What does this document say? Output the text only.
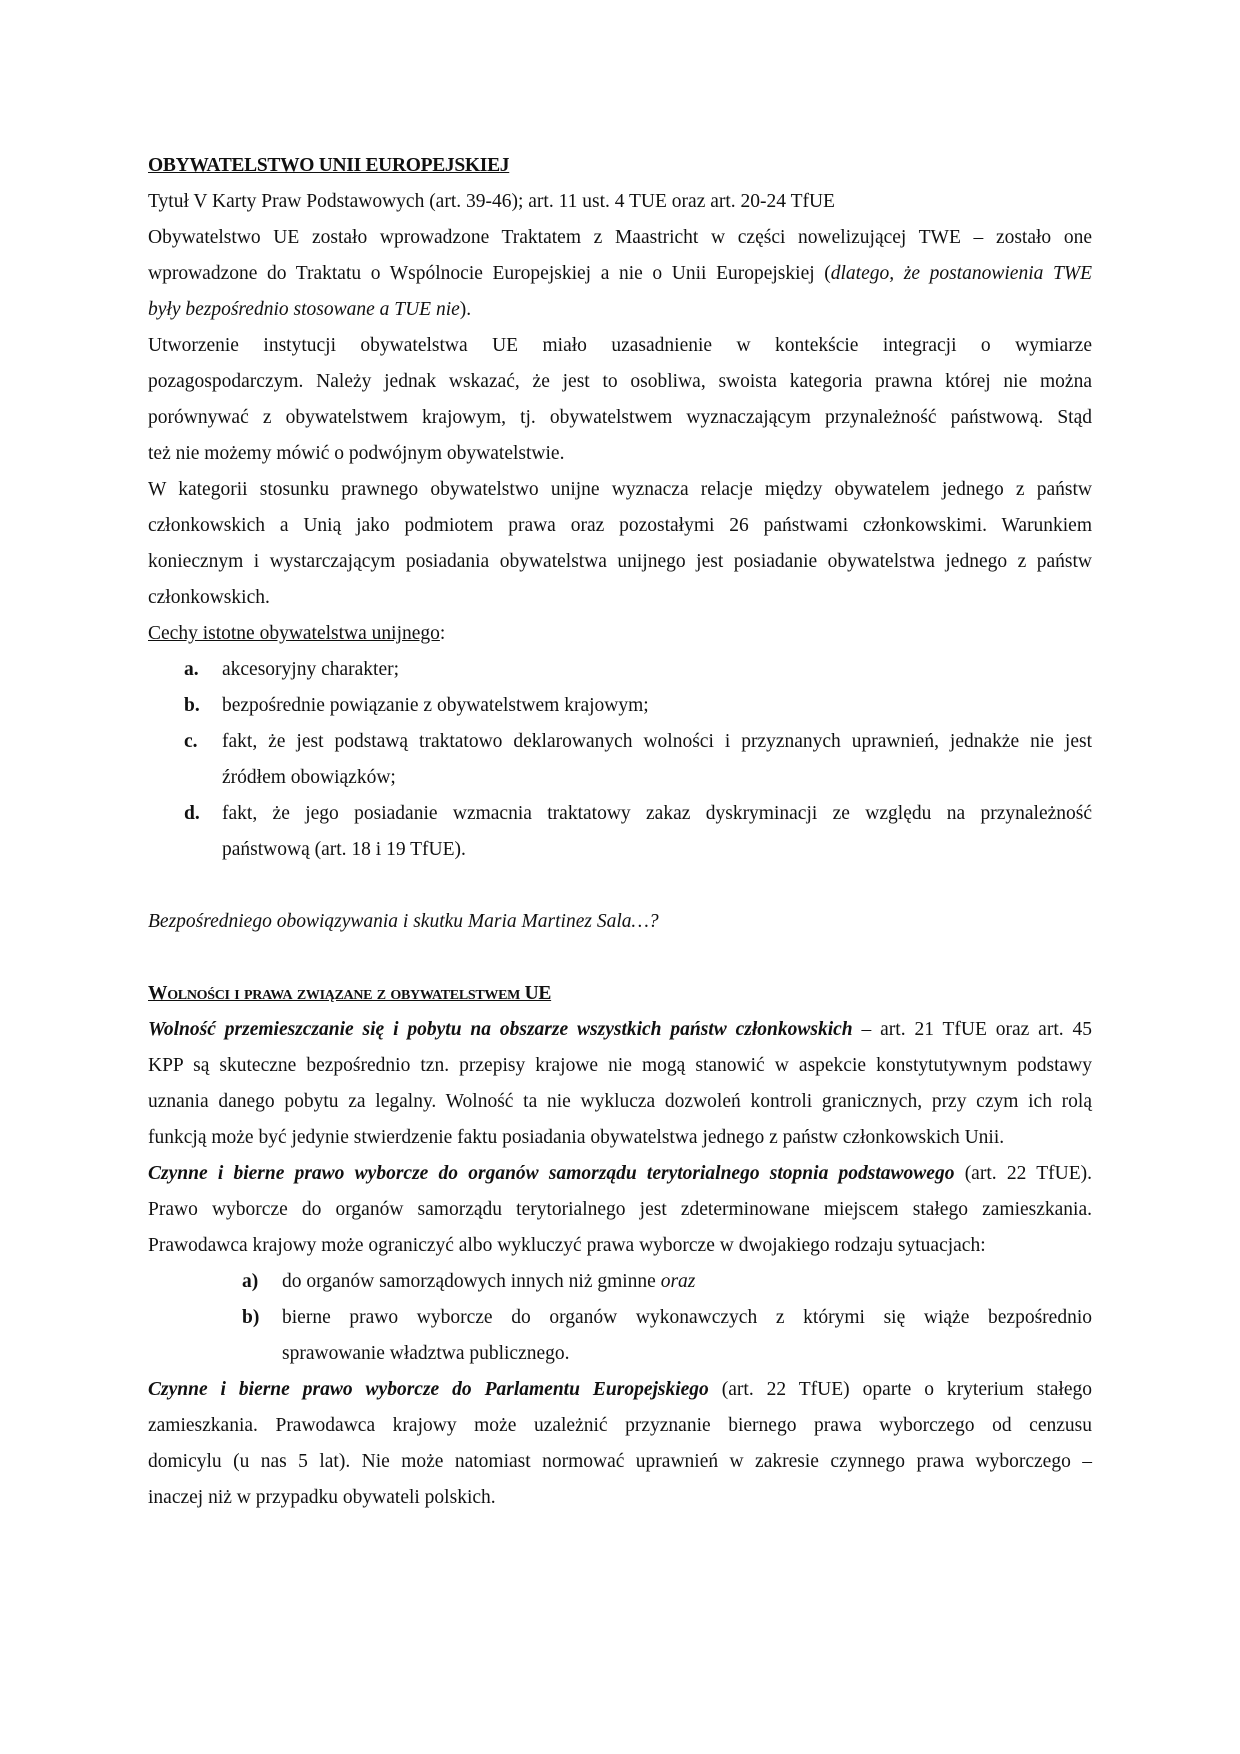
OBYWATELSTWO UNII EUROPEJSKIEJ
Tytuł V Karty Praw Podstawowych (art. 39-46); art. 11 ust. 4 TUE oraz art. 20-24 TfUE
Obywatelstwo UE zostało wprowadzone Traktatem z Maastricht w części nowelizującej TWE – zostało one
wprowadzone do Traktatu o Wspólnocie Europejskiej a nie o Unii Europejskiej (dlatego, że postanowienia TWE
były bezpośrednio stosowane a TUE nie).
Utworzenie instytucji obywatelstwa UE miało uzasadnienie w kontekście integracji o wymiarze
pozagospodarczym. Należy jednak wskazać, że jest to osobliwa, swoista kategoria prawna której nie można
porównywać z obywatelstwem krajowym, tj. obywatelstwem wyznaczającym przynależność państwową. Stąd
też nie możemy mówić o podwójnym obywatelstwie.
W kategorii stosunku prawnego obywatelstwo unijne wyznacza relacje między obywatelem jednego z państw
członkowskich a Unią jako podmiotem prawa oraz pozostałymi 26 państwami członkowskimi. Warunkiem
koniecznym i wystarczającym posiadania obywatelstwa unijnego jest posiadanie obywatelstwa jednego z państw
członkowskich.
Cechy istotne obywatelstwa unijnego:
a. akcesoryjny charakter;
b. bezpośrednie powiązanie z obywatelstwem krajowym;
c. fakt, że jest podstawą traktatowo deklarowanych wolności i przyznanych uprawnień, jednakże nie jest
źródłem obowiązków;
d. fakt, że jego posiadanie wzmacnia traktatowy zakaz dyskryminacji ze względu na przynależność
państwową (art. 18 i 19 TfUE).
Bezpośredniego obowiązywania i skutku Maria Martinez Sala…?
Wolności i prawa związane z obywatelstwem UE
Wolność przemieszczanie się i pobytu na obszarze wszystkich państw członkowskich – art. 21 TfUE oraz art. 45
KPP są skuteczne bezpośrednio tzn. przepisy krajowe nie mogą stanowić w aspekcie konstytutywnym podstawy
uznania danego pobytu za legalny. Wolność ta nie wyklucza dozwoleń kontroli granicznych, przy czym ich rolą
funkcją może być jedynie stwierdzenie faktu posiadania obywatelstwa jednego z państw członkowskich Unii.
Czynne i bierne prawo wyborcze do organów samorządu terytorialnego stopnia podstawowego (art. 22 TfUE).
Prawo wyborcze do organów samorządu terytorialnego jest zdeterminowane miejscem stałego zamieszkania.
Prawodawca krajowy może ograniczyć albo wykluczyć prawa wyborcze w dwojakiego rodzaju sytuacjach:
a) do organów samorządowych innych niż gminne oraz
b) bierne prawo wyborcze do organów wykonawczych z którymi się wiąże bezpośrednio
sprawowanie władztwa publicznego.
Czynne i bierne prawo wyborcze do Parlamentu Europejskiego (art. 22 TfUE) oparte o kryterium stałego
zamieszkania. Prawodawca krajowy może uzależnić przyznanie biernego prawa wyborczego od cenzusu
domicylu (u nas 5 lat). Nie może natomiast normować uprawnień w zakresie czynnego prawa wyborczego –
inaczej niż w przypadku obywateli polskich.
